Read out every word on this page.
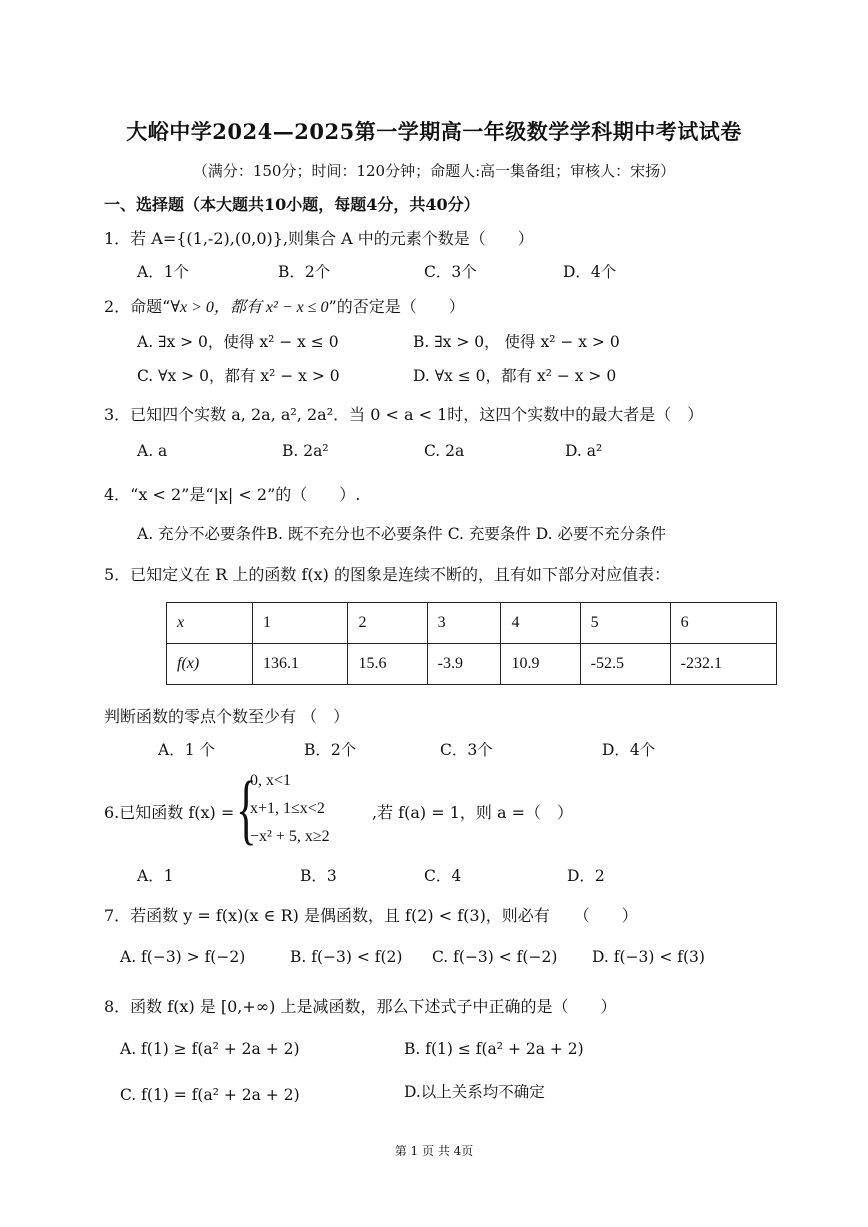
大峪中学2024—2025第一学期高一年级数学学科期中考试试卷
（满分：150分；时间：120分钟；命题人:高一集备组；审核人：宋扬）
一、选择题（本大题共10小题，每题4分，共40分）
1．若 A={(1,-2),(0,0)},则集合 A 中的元素个数是（　　）
A．1个	B．2个	C．3个	D．4个
2．命题“∀x > 0，都有 x² − x ≤ 0”的否定是（　　）
A. ∃x > 0，使得 x² − x ≤ 0	B. ∃x > 0， 使得 x² − x > 0
C. ∀x > 0，都有 x² − x > 0	D. ∀x ≤ 0，都有 x² − x > 0
3．已知四个实数 a, 2a, a², 2a²．当 0 < a < 1时，这四个实数中的最大者是（　）
A. a	B. 2a²	C. 2a	D. a²
4．“x < 2”是“|x| < 2”的（　　）.
A. 充分不必要条件B. 既不充分也不必要条件 C. 充要条件 D. 必要不充分条件
5．已知定义在 R 上的函数 f(x) 的图象是连续不断的，且有如下部分对应值表：
x	1	2	3	4	5	6
f(x)	136.1	15.6	-3.9	10.9	-52.5	-232.1
判断函数的零点个数至少有 （　）
A．1 个	B．2个	C．3个	D．4个
6.已知函数 f(x) = {
0, x<1
x+1, 1≤x<2
−x² + 5, x≥2
,若 f(a) = 1，则 a =（　）
A．1	B．3	C．4	D．2
7．若函数 y = f(x)(x ∈ R) 是偶函数，且 f(2) < f(3)，则必有　　（　　）
A. f(−3) > f(−2)	B. f(−3) < f(2) C. f(−3) < f(−2) D. f(−3) < f(3)
8．函数 f(x) 是 [0,+∞) 上是减函数，那么下述式子中正确的是（　　）
A. f(1) ≥ f(a² + 2a + 2)	B. f(1) ≤ f(a² + 2a + 2)
C. f(1) = f(a² + 2a + 2)	D.以上关系均不确定
第 1 页 共 4页
